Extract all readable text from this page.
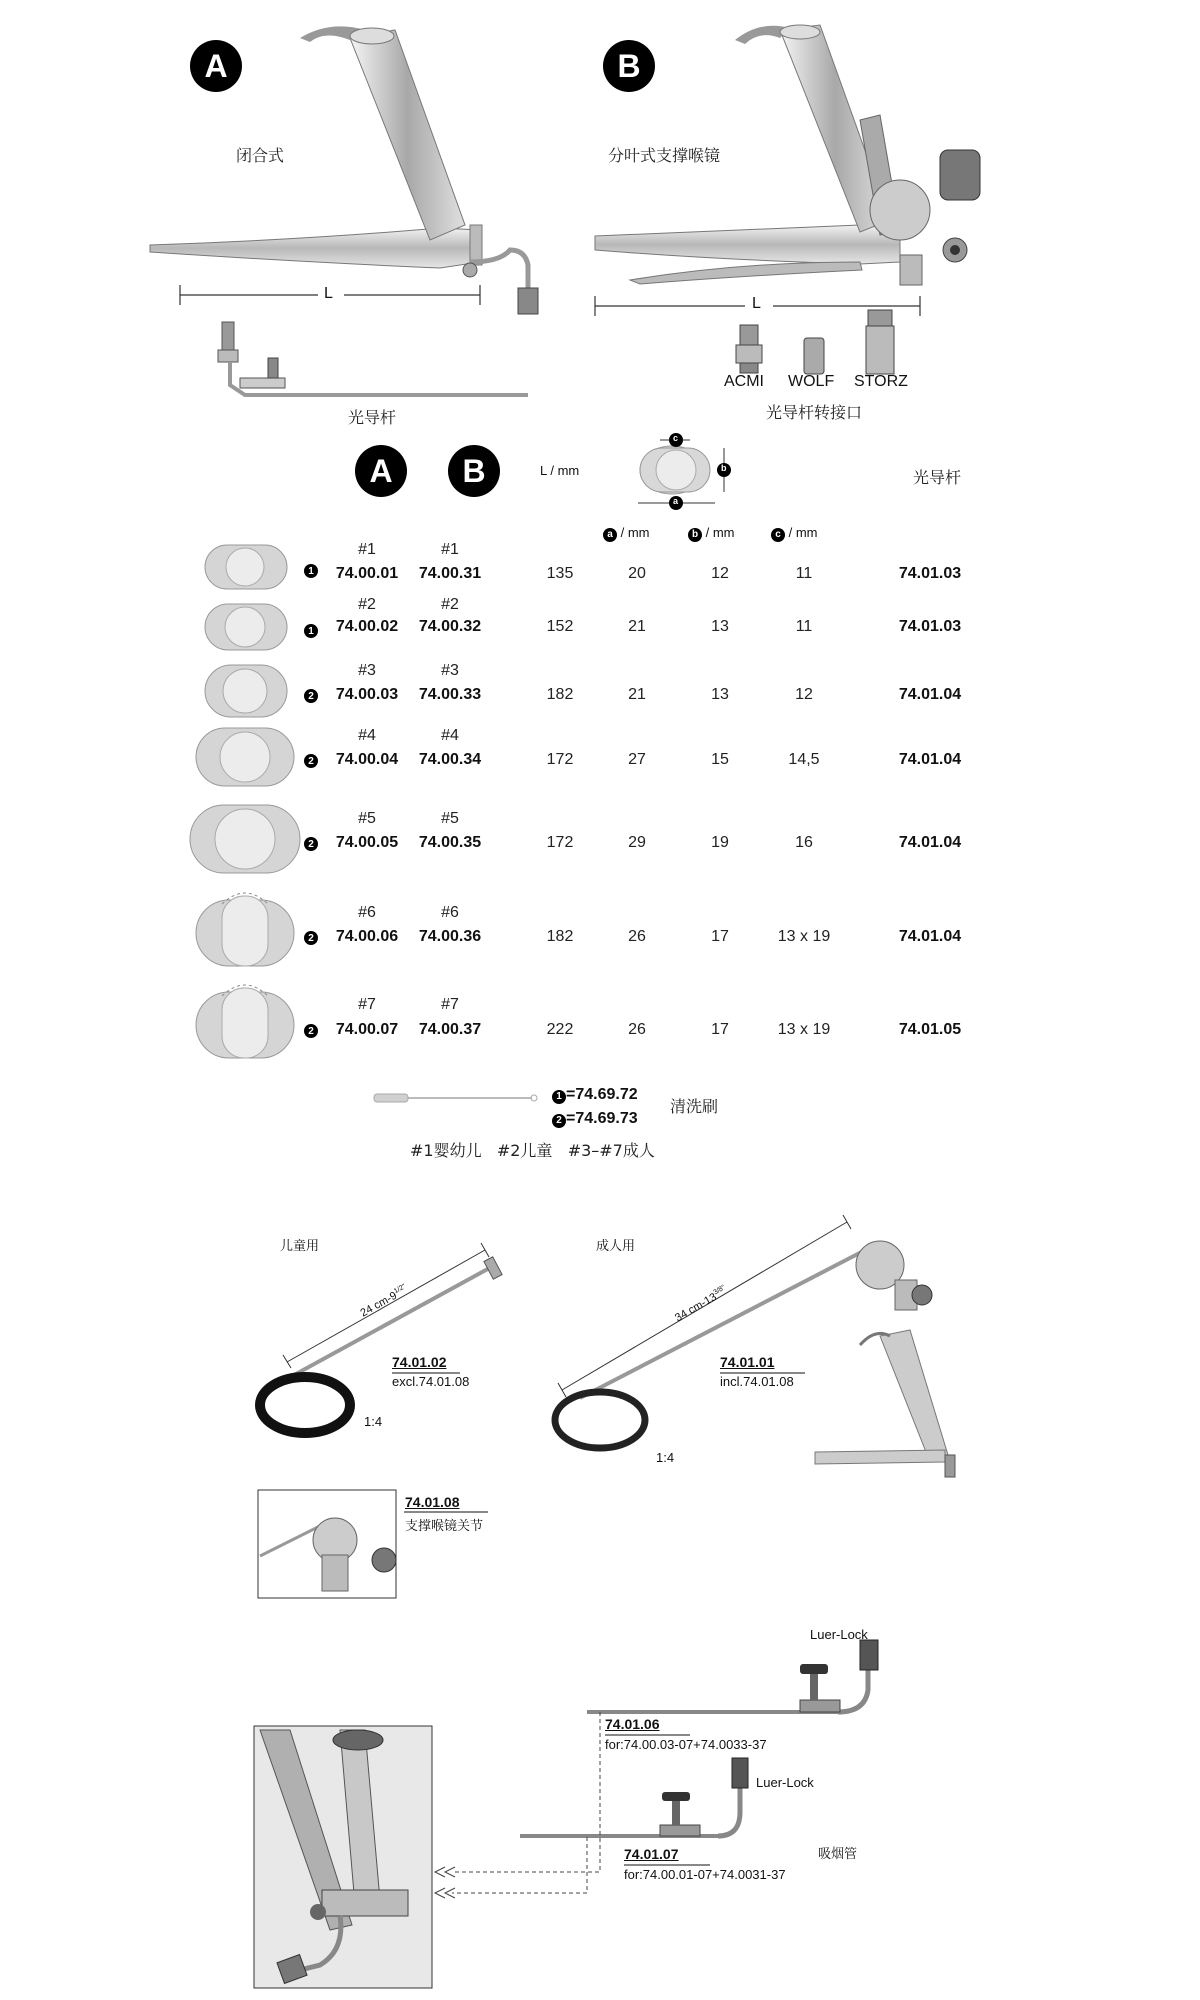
A	B
闭合式	分叶式支撑喉镜
L
L
光导杆
ACMI WOLF STORZ
光导杆转接口
A	B	L / mm	光导杆
c
b
a
a / mm	b / mm	c / mm
1
#1	#1
74.00.01	74.00.31	135	20	12	11	74.01.03
1
#2	#2
74.00.02	74.00.32	152	21	13	11	74.01.03
2
#3	#3
74.00.03	74.00.33	182	21	13	12	74.01.04
2
#4	#4
74.00.04	74.00.34	172	27	15	14,5	74.01.04
2
#5	#5
74.00.05	74.00.35	172	29	19	16	74.01.04
2
#6	#6
74.00.06	74.00.36	182	26	17	13 x 19	74.01.04
2
#7	#7
74.00.07	74.00.37	222	26	17	13 x 19	74.01.05
1 =74.69.72
2 =74.69.73
清洗刷
#1婴幼儿   #2儿童   #3–#7成人
儿童用	成人用
24 $cm-9^{1/2"}$
34 $cm-13^{3/8"}$
74.01.02
excl.74.01.08
74.01.01
incl.74.01.08
1:4
1:4
74.01.08
支撑喉镜关节
Luer-Lock
Luer-Lock
74.01.06
for:74.00.03-07+74.0033-37
74.01.07
for:74.00.01-07+74.0031-37
吸烟管
